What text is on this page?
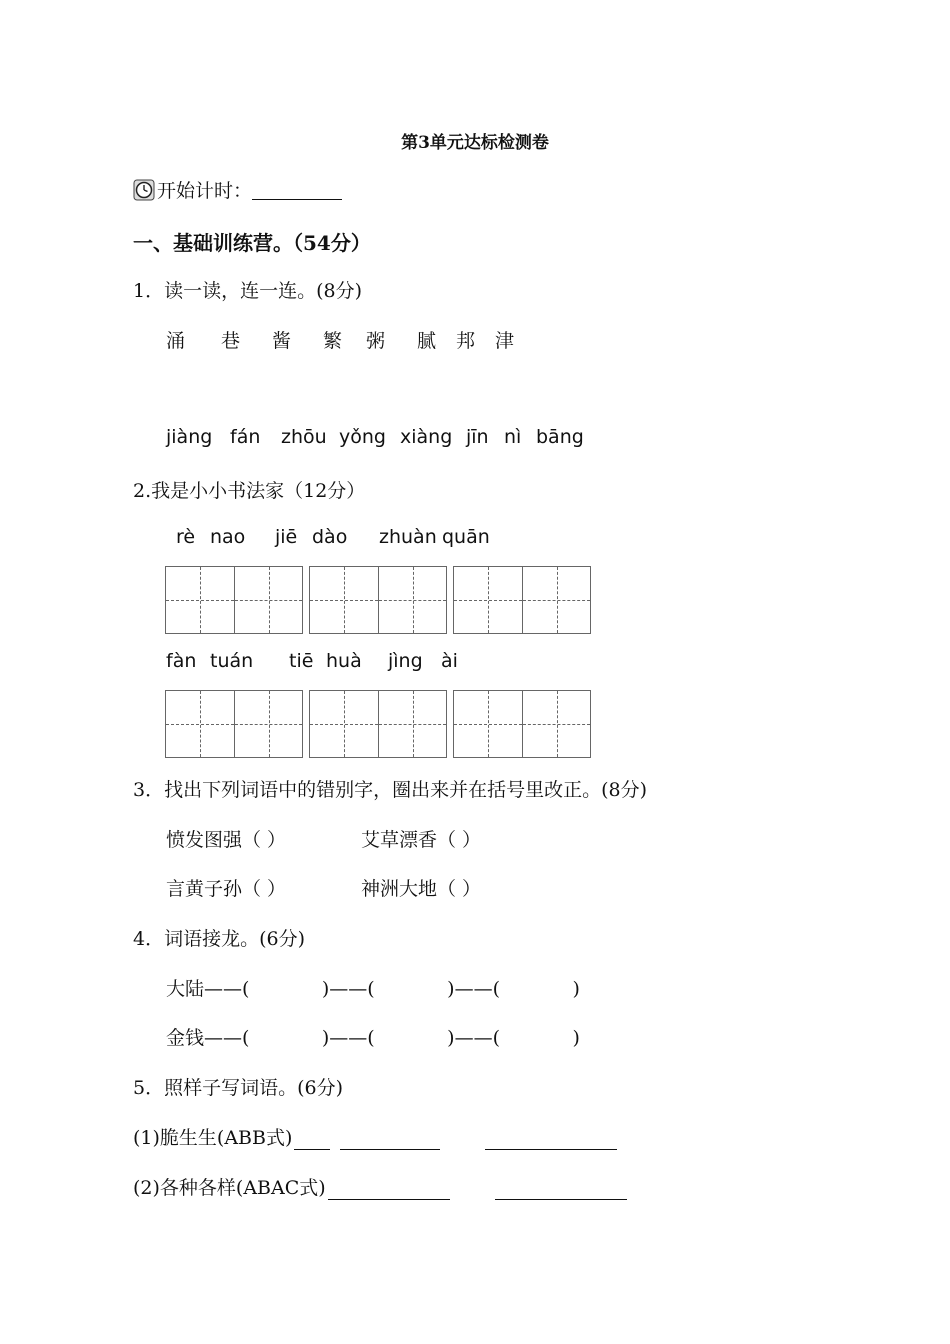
第3单元达标检测卷
开始计时：
一、基础训练营。（54分）
1．读一读，连一连。(8分)
涌 巷 酱 繁 粥 腻 邦 津
jiàng fán zhōu yǒng xiàng jīn nì bāng
2.我是小小书法家（12分）
rè nao jiē dào zhuàn quān
fàn tuán tiē huà jìng ài
3．找出下列词语中的错别字，圈出来并在括号里改正。(8分)
愤发图强（ ）	艾草漂香（ ）
言黄子孙（ ）	神洲大地（ ）
4．词语接龙。(6分)
大陆——(            )——(            )——(            )
金钱——(            )——(            )——(            )
5．照样子写词语。(6分)
(1)脆生生(ABB式)
(2)各种各样(ABAC式)
